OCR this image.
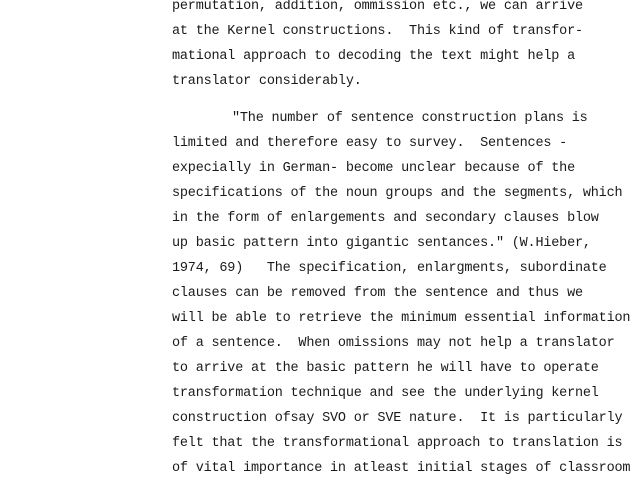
permutation, addition, ommission etc., we can arrive
at the Kernel constructions.  This kind of transfor-
mational approach to decoding the text might help a
translator considerably.
"The number of sentence construction plans is
limited and therefore easy to survey.  Sentences -
expecially in German- become unclear because of the
specifications of the noun groups and the segments, which
in the form of enlargements and secondary clauses blow
up basic pattern into gigantic sentances." (W.Hieber,
1974, 69)   The specification, enlargments, subordinate
clauses can be removed from the sentence and thus we
will be able to retrieve the minimum essential information
of a sentence.  When omissions may not help a translator
to arrive at the basic pattern he will have to operate
transformation technique and see the underlying kernel
construction ofsay SVO or SVE nature.  It is particularly
felt that the transformational approach to translation is
of vital importance in atleast initial stages of classroom
